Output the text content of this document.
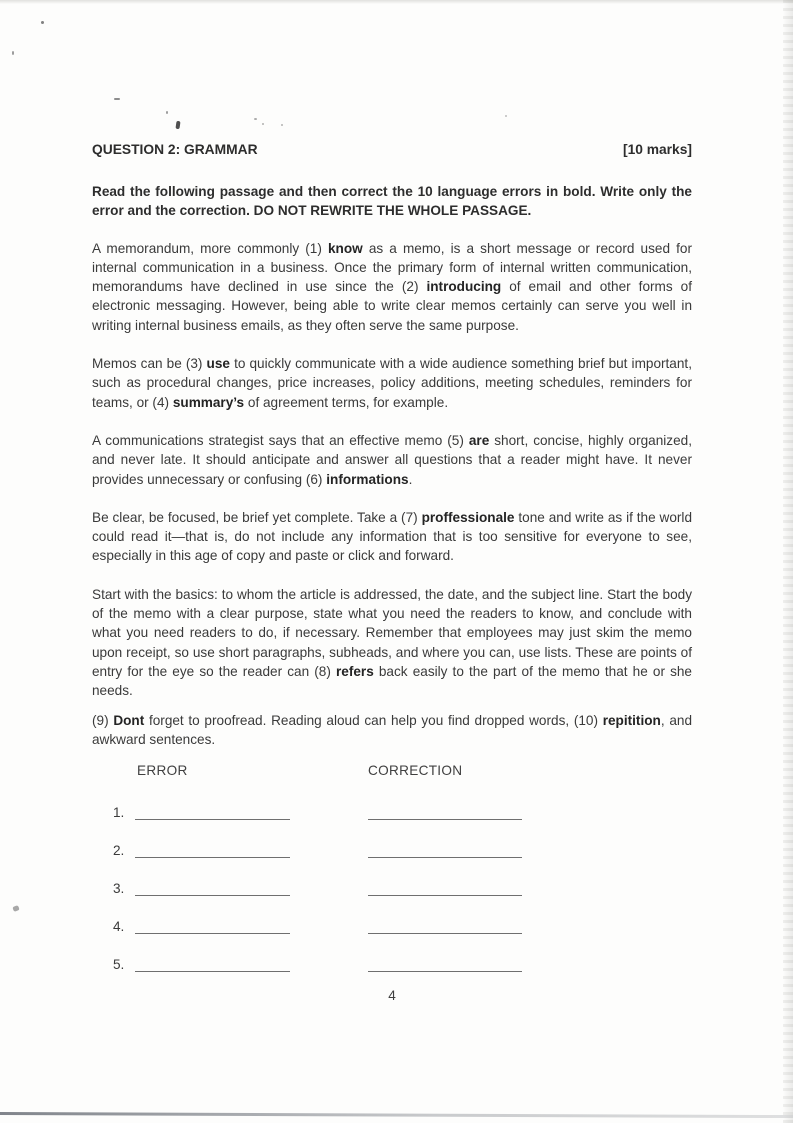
QUESTION 2: GRAMMAR	[10 marks]

Read the following passage and then correct the 10 language errors in bold. Write only the error and the correction. DO NOT REWRITE THE WHOLE PASSAGE.

A memorandum, more commonly (1) know as a memo, is a short message or record used for internal communication in a business. Once the primary form of internal written communication, memorandums have declined in use since the (2) introducing of email and other forms of electronic messaging. However, being able to write clear memos certainly can serve you well in writing internal business emails, as they often serve the same purpose.

Memos can be (3) use to quickly communicate with a wide audience something brief but important, such as procedural changes, price increases, policy additions, meeting schedules, reminders for teams, or (4) summary’s of agreement terms, for example.

A communications strategist says that an effective memo (5) are short, concise, highly organized, and never late. It should anticipate and answer all questions that a reader might have. It never provides unnecessary or confusing (6) informations.

Be clear, be focused, be brief yet complete. Take a (7) proffessionale tone and write as if the world could read it—that is, do not include any information that is too sensitive for everyone to see, especially in this age of copy and paste or click and forward.

Start with the basics: to whom the article is addressed, the date, and the subject line. Start the body of the memo with a clear purpose, state what you need the readers to know, and conclude with what you need readers to do, if necessary. Remember that employees may just skim the memo upon receipt, so use short paragraphs, subheads, and where you can, use lists. These are points of entry for the eye so the reader can (8) refers back easily to the part of the memo that he or she needs.

(9) Dont forget to proofread. Reading aloud can help you find dropped words, (10) repitition, and awkward sentences.

ERROR	CORRECTION
1.
2.
3.
4.
5.
4
